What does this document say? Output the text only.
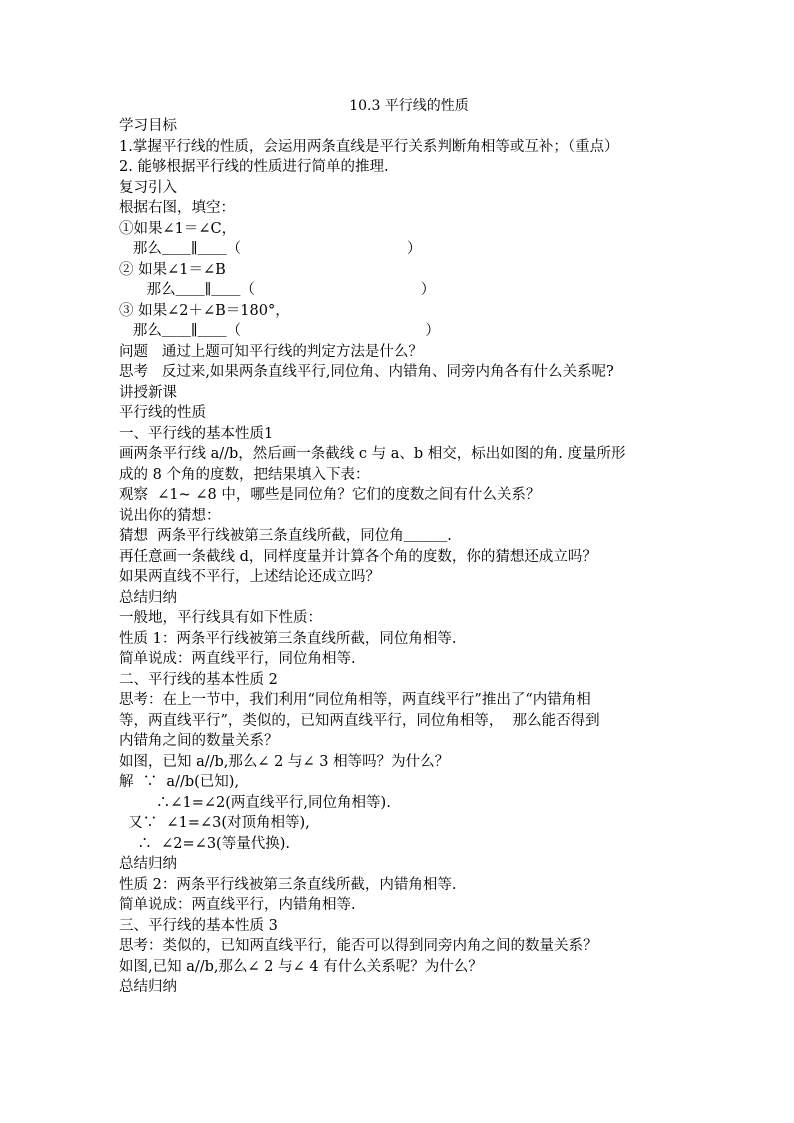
10.3 平行线的性质
学习目标
1.掌握平行线的性质，会运用两条直线是平行关系判断角相等或互补；（重点）
2. 能够根据平行线的性质进行简单的推理.
复习引入
根据右图，填空：
①如果∠1＝∠C，
那么＿＿∥＿＿（                                    ）
② 如果∠1＝∠B
那么＿＿∥＿＿（                                    ）
③ 如果∠2＋∠B＝180°，
那么＿＿∥＿＿（                                        ）
问题   通过上题可知平行线的判定方法是什么？
思考   反过来,如果两条直线平行,同位角、内错角、同旁内角各有什么关系呢?
讲授新课
平行线的性质
一、平行线的基本性质1
画两条平行线 a//b，然后画一条截线 c 与 a、b 相交，标出如图的角. 度量所形
成的 8 个角的度数，把结果填入下表：
观察  ∠1~ ∠8 中，哪些是同位角？它们的度数之间有什么关系？
说出你的猜想：
猜想  两条平行线被第三条直线所截，同位角＿＿＿.
再任意画一条截线 d，同样度量并计算各个角的度数，你的猜想还成立吗？
如果两直线不平行，上述结论还成立吗？
总结归纳
一般地，平行线具有如下性质：
性质 1：两条平行线被第三条直线所截，同位角相等.
简单说成：两直线平行，同位角相等.
二、平行线的基本性质 2
思考：在上一节中，我们利用“同位角相等，两直线平行”推出了“内错角相
等，两直线平行”，类似的，已知两直线平行，同位角相等，  那么能否得到
内错角之间的数量关系？
如图，已知 a//b,那么∠ 2 与∠ 3 相等吗？为什么？
解  ∵  a//b(已知),
∴∠1=∠2(两直线平行,同位角相等).
又∵  ∠1=∠3(对顶角相等),
∴  ∠2=∠3(等量代换).
总结归纳
性质 2：两条平行线被第三条直线所截，内错角相等.
简单说成：两直线平行，内错角相等.
三、平行线的基本性质 3
思考：类似的，已知两直线平行，能否可以得到同旁内角之间的数量关系？
如图,已知 a//b,那么∠ 2 与∠ 4 有什么关系呢？为什么？
总结归纳
